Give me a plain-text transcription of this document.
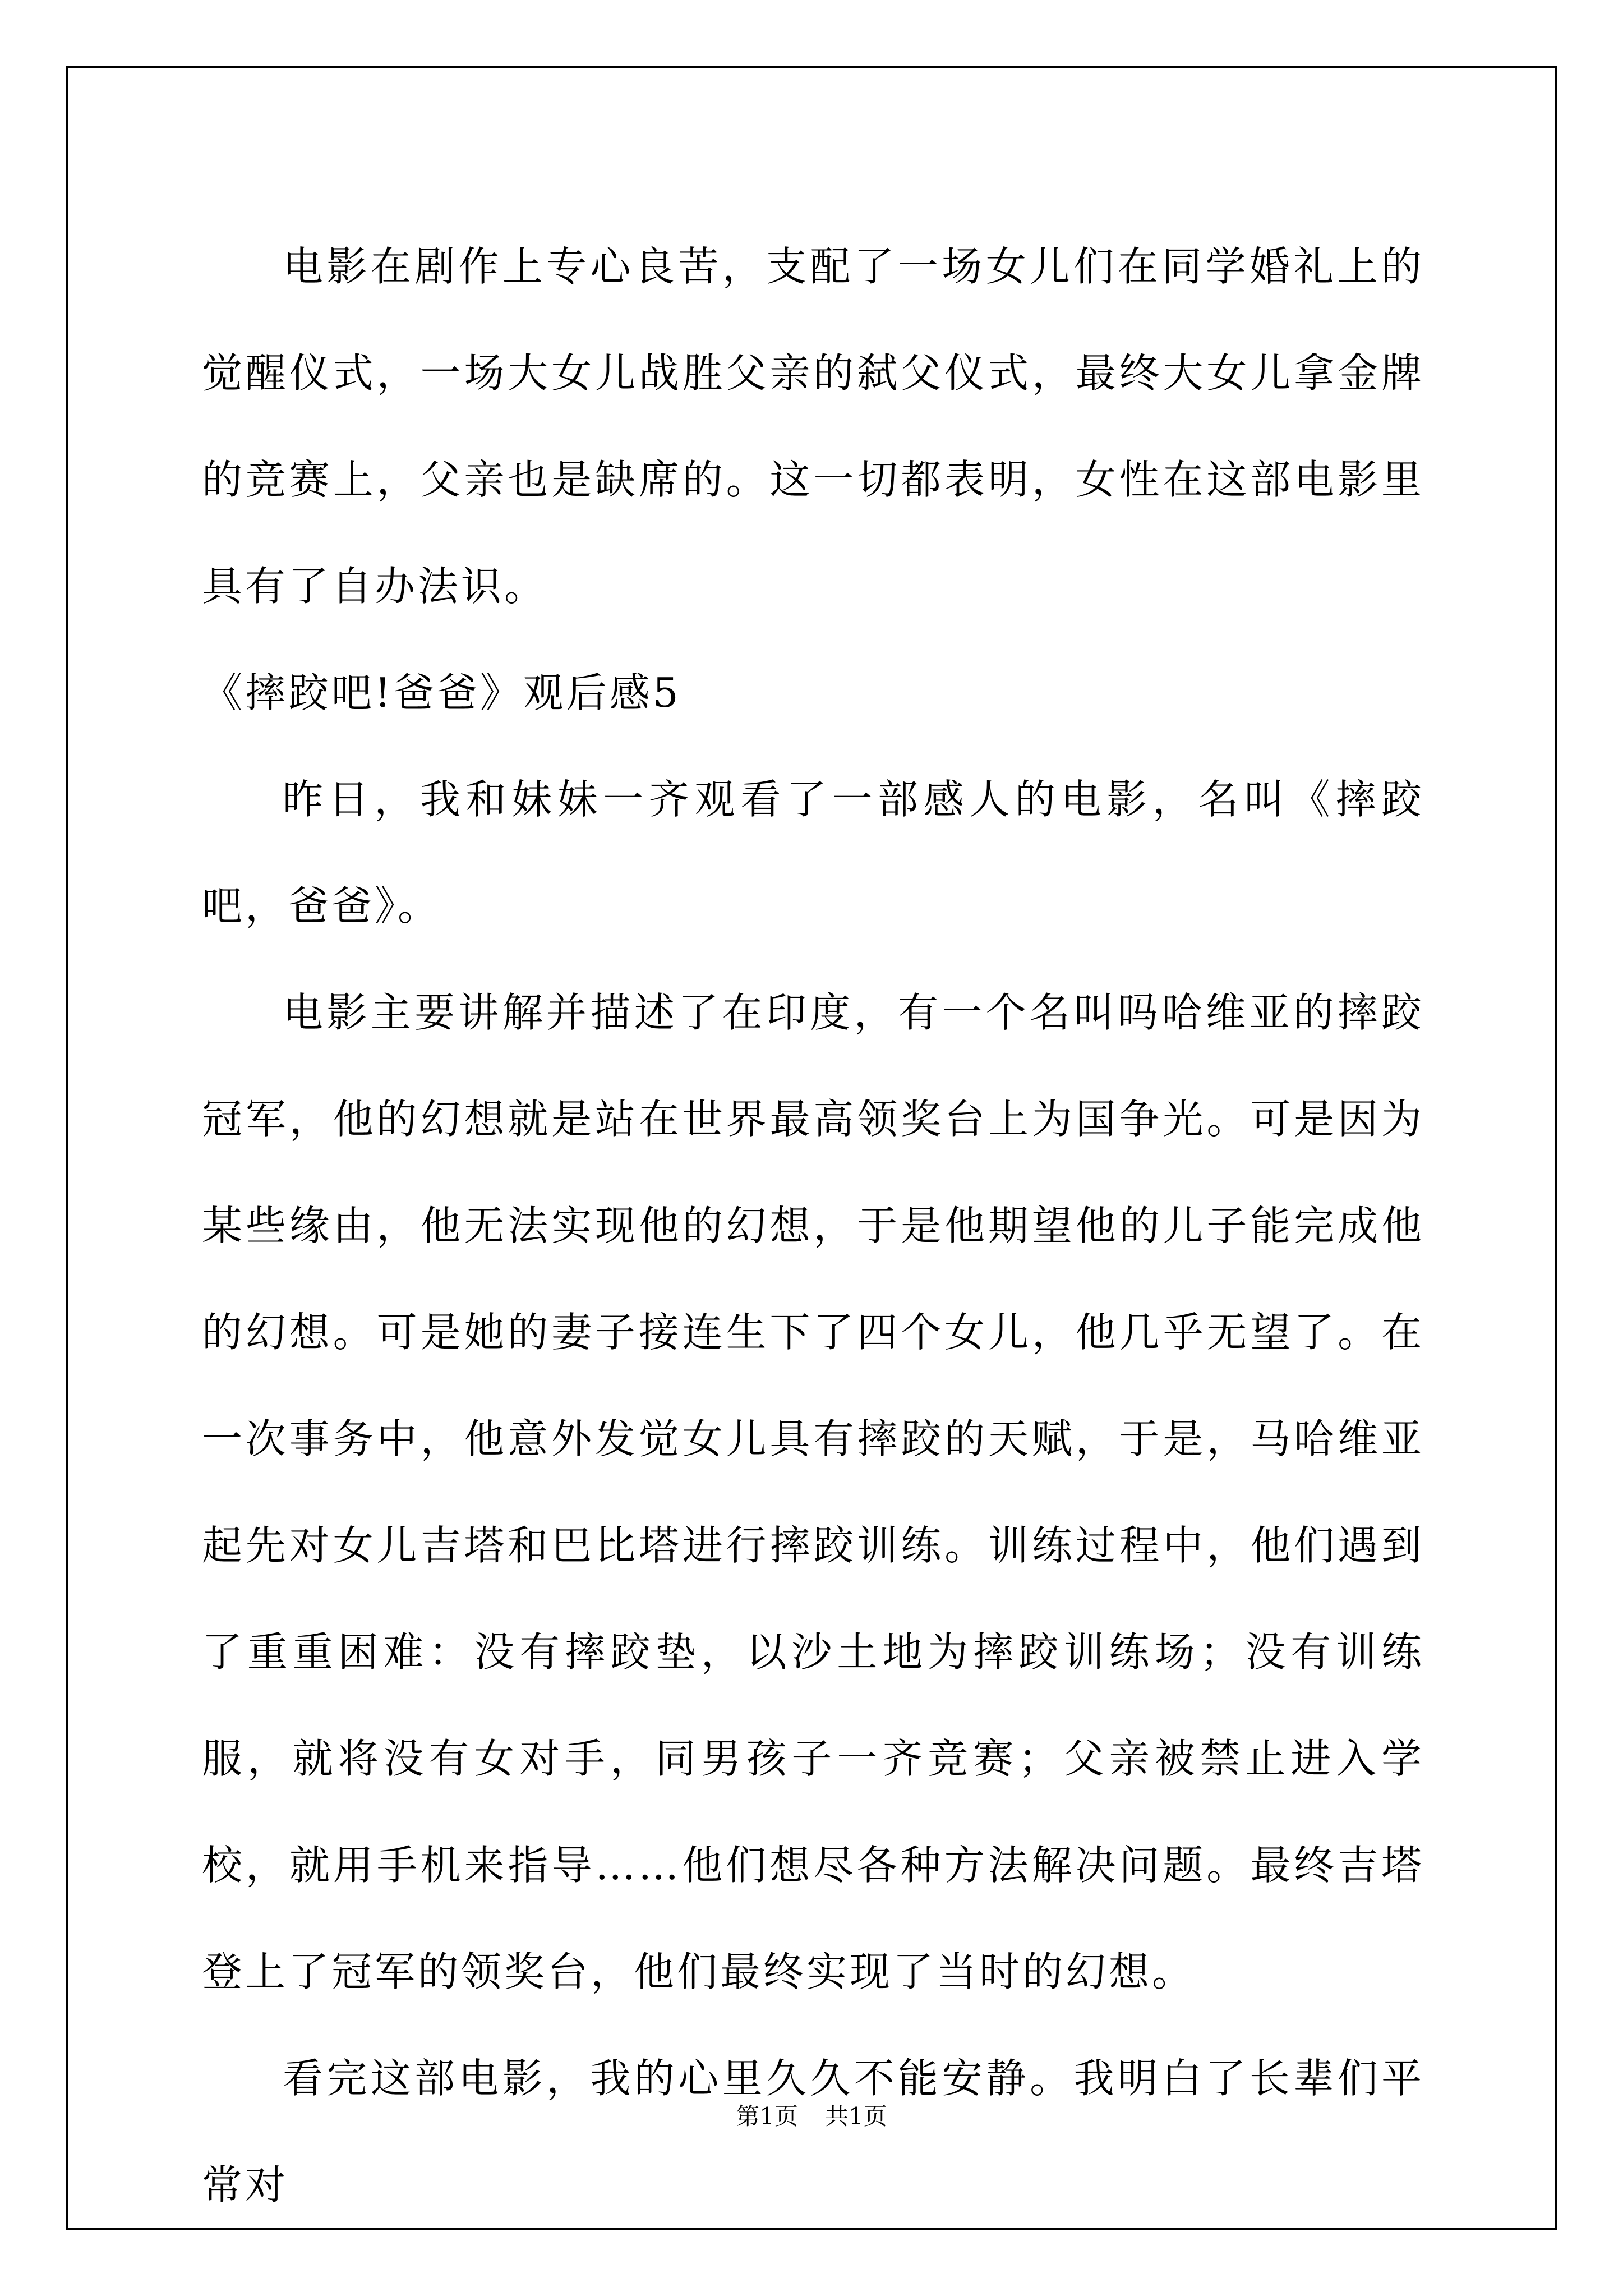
电影在剧作上专心良苦，支配了一场女儿们在同学婚礼上的觉醒仪式，一场大女儿战胜父亲的弑父仪式，最终大女儿拿金牌的竞赛上，父亲也是缺席的。这一切都表明，女性在这部电影里具有了自办法识。

《摔跤吧!爸爸》观后感5

昨日，我和妹妹一齐观看了一部感人的电影，名叫《摔跤吧，爸爸》。

电影主要讲解并描述了在印度，有一个名叫吗哈维亚的摔跤冠军，他的幻想就是站在世界最高领奖台上为国争光。可是因为某些缘由，他无法实现他的幻想，于是他期望他的儿子能完成他的幻想。可是她的妻子接连生下了四个女儿，他几乎无望了。在一次事务中，他意外发觉女儿具有摔跤的天赋，于是，马哈维亚起先对女儿吉塔和巴比塔进行摔跤训练。训练过程中，他们遇到了重重困难：没有摔跤垫，以沙土地为摔跤训练场；没有训练服，就将没有女对手，同男孩子一齐竞赛；父亲被禁止进入学校，就用手机来指导……他们想尽各种方法解决问题。最终吉塔登上了冠军的领奖台，他们最终实现了当时的幻想。

看完这部电影，我的心里久久不能安静。我明白了长辈们平常对

第1页 共1页
